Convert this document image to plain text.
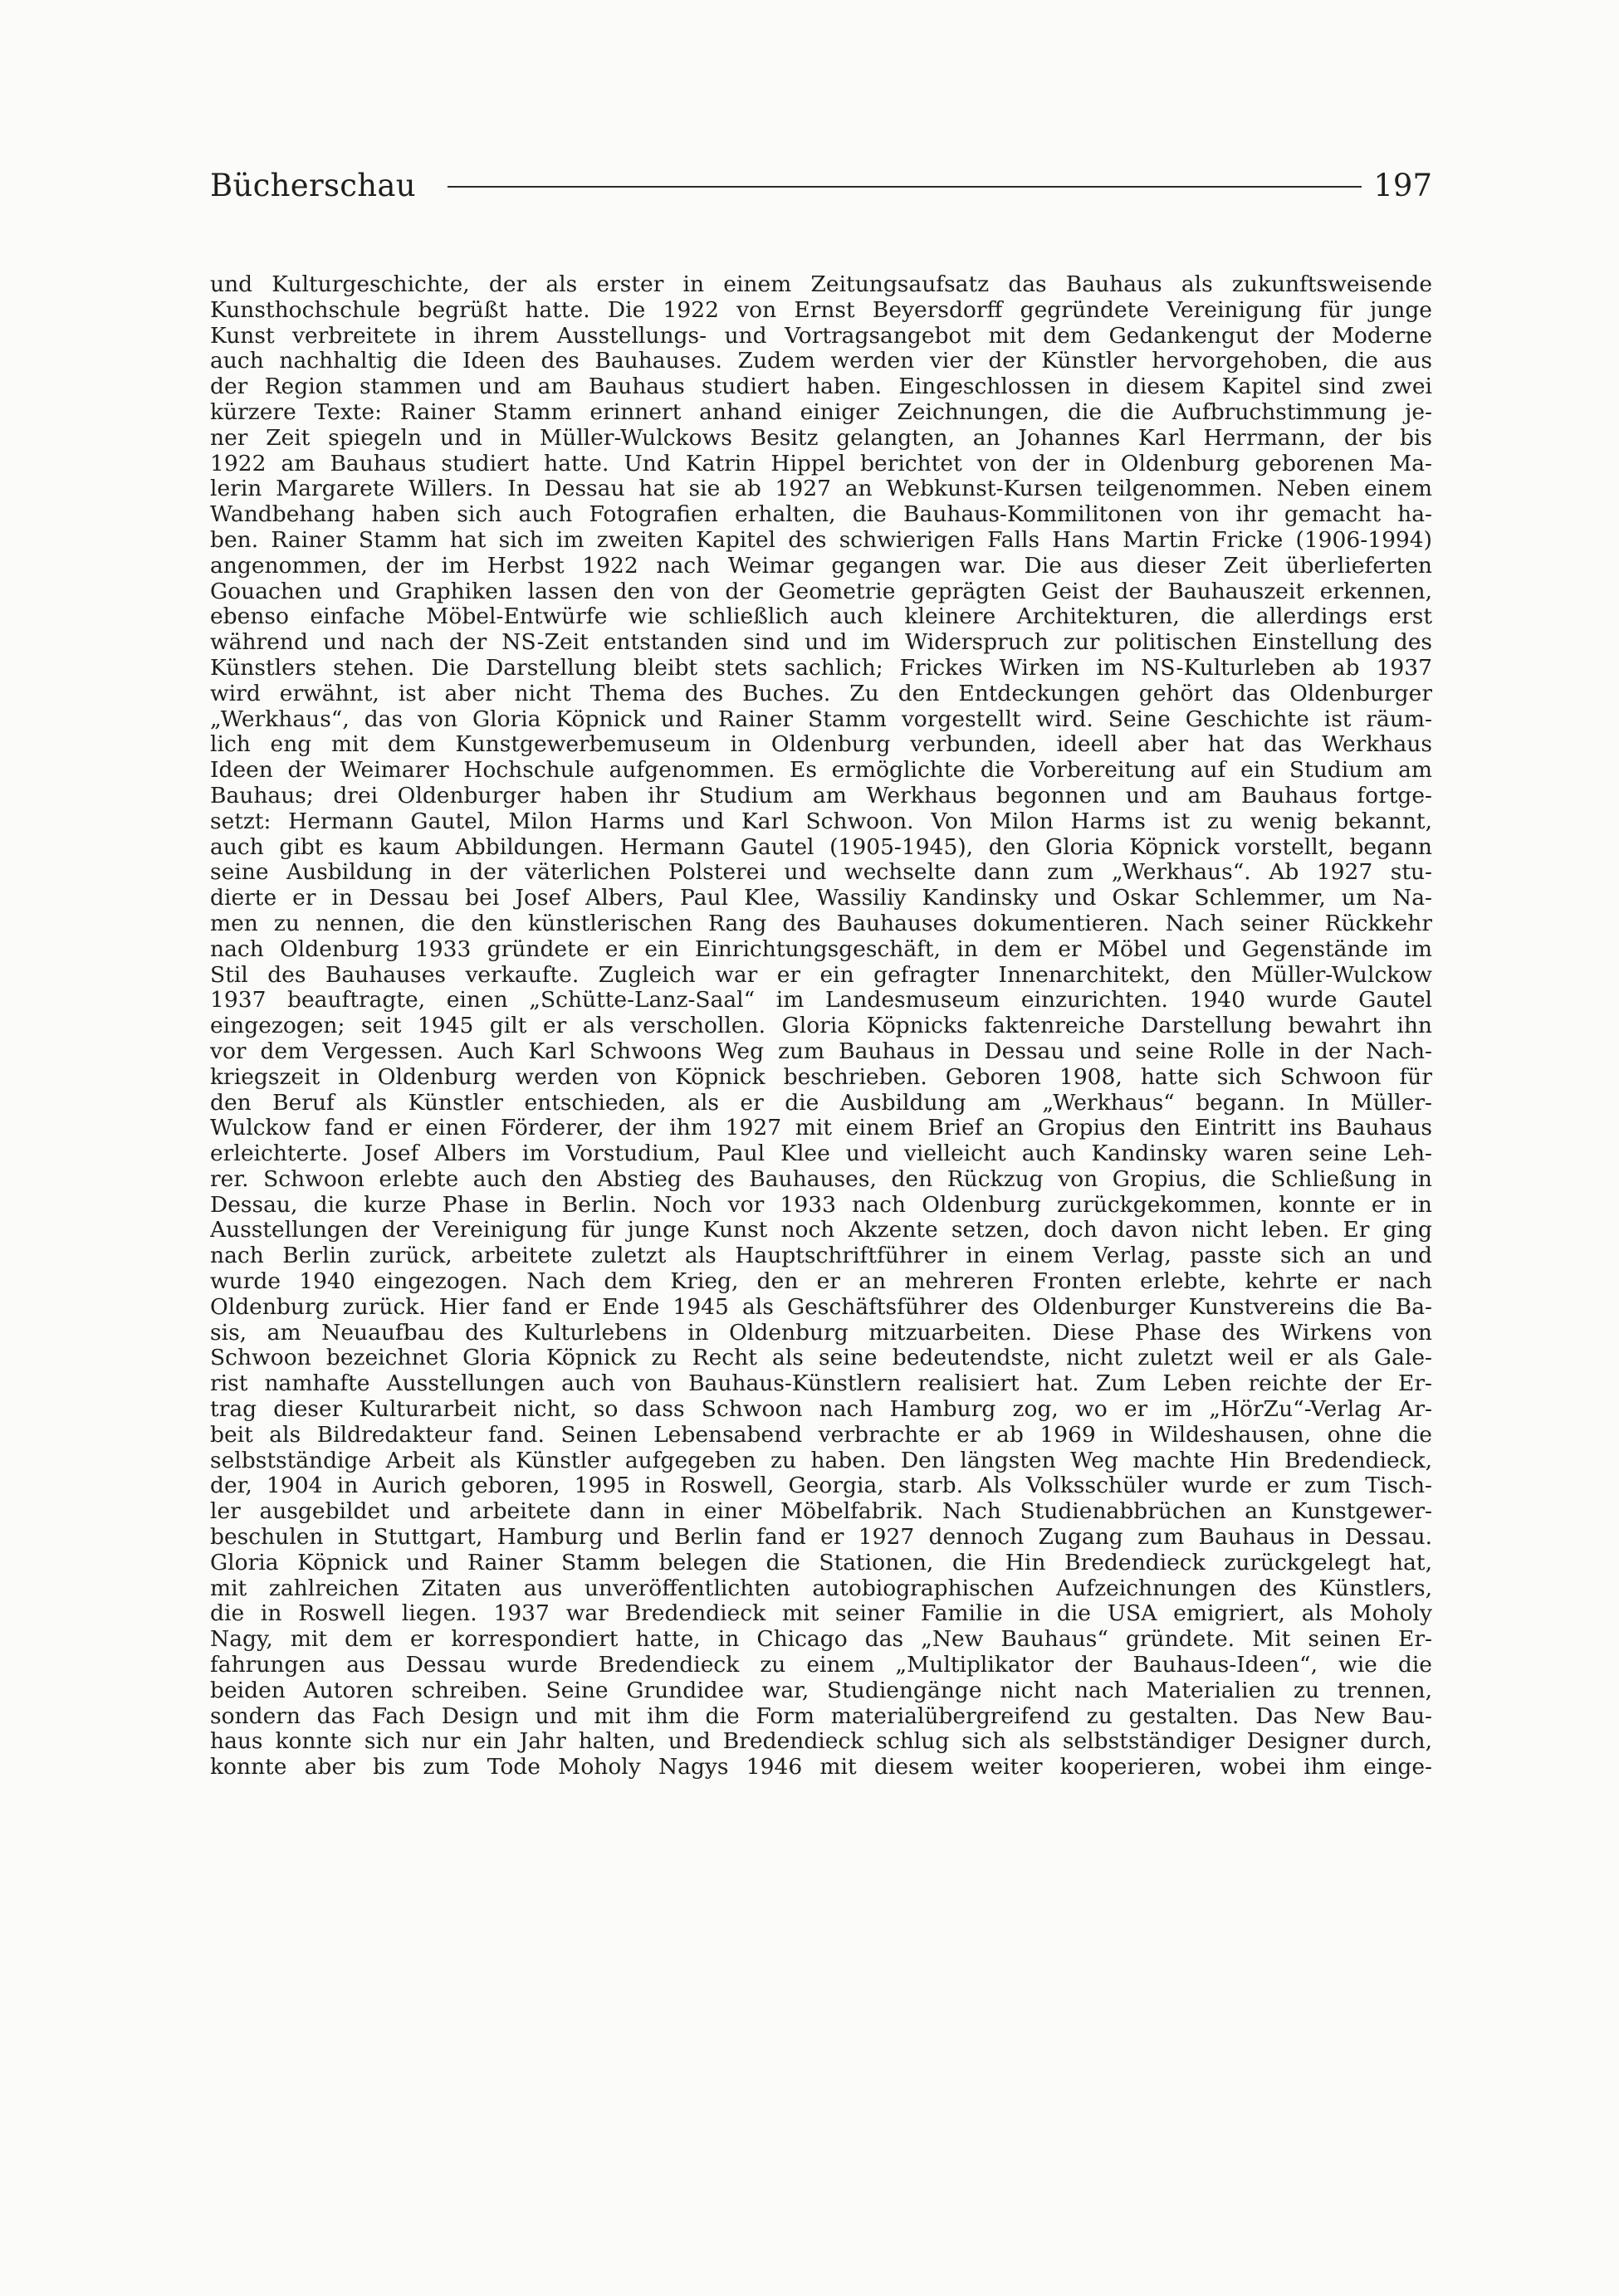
Bücherschau	197
und Kulturgeschichte, der als erster in einem Zeitungsaufsatz das Bauhaus als zukunftsweisende
Kunsthochschule begrüßt hatte. Die 1922 von Ernst Beyersdorff gegründete Vereinigung für junge
Kunst verbreitete in ihrem Ausstellungs- und Vortragsangebot mit dem Gedankengut der Moderne
auch nachhaltig die Ideen des Bauhauses. Zudem werden vier der Künstler hervorgehoben, die aus
der Region stammen und am Bauhaus studiert haben. Eingeschlossen in diesem Kapitel sind zwei
kürzere Texte: Rainer Stamm erinnert anhand einiger Zeichnungen, die die Aufbruchstimmung je-
ner Zeit spiegeln und in Müller-Wulckows Besitz gelangten, an Johannes Karl Herrmann, der bis
1922 am Bauhaus studiert hatte. Und Katrin Hippel berichtet von der in Oldenburg geborenen Ma-
lerin Margarete Willers. In Dessau hat sie ab 1927 an Webkunst-Kursen teilgenommen. Neben einem
Wandbehang haben sich auch Fotografien erhalten, die Bauhaus-Kommilitonen von ihr gemacht ha-
ben. Rainer Stamm hat sich im zweiten Kapitel des schwierigen Falls Hans Martin Fricke (1906-1994)
angenommen, der im Herbst 1922 nach Weimar gegangen war. Die aus dieser Zeit überlieferten
Gouachen und Graphiken lassen den von der Geometrie geprägten Geist der Bauhauszeit erkennen,
ebenso einfache Möbel-Entwürfe wie schließlich auch kleinere Architekturen, die allerdings erst
während und nach der NS-Zeit entstanden sind und im Widerspruch zur politischen Einstellung des
Künstlers stehen. Die Darstellung bleibt stets sachlich; Frickes Wirken im NS-Kulturleben ab 1937
wird erwähnt, ist aber nicht Thema des Buches. Zu den Entdeckungen gehört das Oldenburger
„Werkhaus“, das von Gloria Köpnick und Rainer Stamm vorgestellt wird. Seine Geschichte ist räum-
lich eng mit dem Kunstgewerbemuseum in Oldenburg verbunden, ideell aber hat das Werkhaus
Ideen der Weimarer Hochschule aufgenommen. Es ermöglichte die Vorbereitung auf ein Studium am
Bauhaus; drei Oldenburger haben ihr Studium am Werkhaus begonnen und am Bauhaus fortge-
setzt: Hermann Gautel, Milon Harms und Karl Schwoon. Von Milon Harms ist zu wenig bekannt,
auch gibt es kaum Abbildungen. Hermann Gautel (1905-1945), den Gloria Köpnick vorstellt, begann
seine Ausbildung in der väterlichen Polsterei und wechselte dann zum „Werkhaus“. Ab 1927 stu-
dierte er in Dessau bei Josef Albers, Paul Klee, Wassiliy Kandinsky und Oskar Schlemmer, um Na-
men zu nennen, die den künstlerischen Rang des Bauhauses dokumentieren. Nach seiner Rückkehr
nach Oldenburg 1933 gründete er ein Einrichtungsgeschäft, in dem er Möbel und Gegenstände im
Stil des Bauhauses verkaufte. Zugleich war er ein gefragter Innenarchitekt, den Müller-Wulckow
1937 beauftragte, einen „Schütte-Lanz-Saal“ im Landesmuseum einzurichten. 1940 wurde Gautel
eingezogen; seit 1945 gilt er als verschollen. Gloria Köpnicks faktenreiche Darstellung bewahrt ihn
vor dem Vergessen. Auch Karl Schwoons Weg zum Bauhaus in Dessau und seine Rolle in der Nach-
kriegszeit in Oldenburg werden von Köpnick beschrieben. Geboren 1908, hatte sich Schwoon für
den Beruf als Künstler entschieden, als er die Ausbildung am „Werkhaus“ begann. In Müller-
Wulckow fand er einen Förderer, der ihm 1927 mit einem Brief an Gropius den Eintritt ins Bauhaus
erleichterte. Josef Albers im Vorstudium, Paul Klee und vielleicht auch Kandinsky waren seine Leh-
rer. Schwoon erlebte auch den Abstieg des Bauhauses, den Rückzug von Gropius, die Schließung in
Dessau, die kurze Phase in Berlin. Noch vor 1933 nach Oldenburg zurückgekommen, konnte er in
Ausstellungen der Vereinigung für junge Kunst noch Akzente setzen, doch davon nicht leben. Er ging
nach Berlin zurück, arbeitete zuletzt als Hauptschriftführer in einem Verlag, passte sich an und
wurde 1940 eingezogen. Nach dem Krieg, den er an mehreren Fronten erlebte, kehrte er nach
Oldenburg zurück. Hier fand er Ende 1945 als Geschäftsführer des Oldenburger Kunstvereins die Ba-
sis, am Neuaufbau des Kulturlebens in Oldenburg mitzuarbeiten. Diese Phase des Wirkens von
Schwoon bezeichnet Gloria Köpnick zu Recht als seine bedeutendste, nicht zuletzt weil er als Gale-
rist namhafte Ausstellungen auch von Bauhaus-Künstlern realisiert hat. Zum Leben reichte der Er-
trag dieser Kulturarbeit nicht, so dass Schwoon nach Hamburg zog, wo er im „HörZu“-Verlag Ar-
beit als Bildredakteur fand. Seinen Lebensabend verbrachte er ab 1969 in Wildeshausen, ohne die
selbstständige Arbeit als Künstler aufgegeben zu haben. Den längsten Weg machte Hin Bredendieck,
der, 1904 in Aurich geboren, 1995 in Roswell, Georgia, starb. Als Volksschüler wurde er zum Tisch-
ler ausgebildet und arbeitete dann in einer Möbelfabrik. Nach Studienabbrüchen an Kunstgewer-
beschulen in Stuttgart, Hamburg und Berlin fand er 1927 dennoch Zugang zum Bauhaus in Dessau.
Gloria Köpnick und Rainer Stamm belegen die Stationen, die Hin Bredendieck zurückgelegt hat,
mit zahlreichen Zitaten aus unveröffentlichten autobiographischen Aufzeichnungen des Künstlers,
die in Roswell liegen. 1937 war Bredendieck mit seiner Familie in die USA emigriert, als Moholy
Nagy, mit dem er korrespondiert hatte, in Chicago das „New Bauhaus“ gründete. Mit seinen Er-
fahrungen aus Dessau wurde Bredendieck zu einem „Multiplikator der Bauhaus-Ideen“, wie die
beiden Autoren schreiben. Seine Grundidee war, Studiengänge nicht nach Materialien zu trennen,
sondern das Fach Design und mit ihm die Form materialübergreifend zu gestalten. Das New Bau-
haus konnte sich nur ein Jahr halten, und Bredendieck schlug sich als selbstständiger Designer durch,
konnte aber bis zum Tode Moholy Nagys 1946 mit diesem weiter kooperieren, wobei ihm einge-
